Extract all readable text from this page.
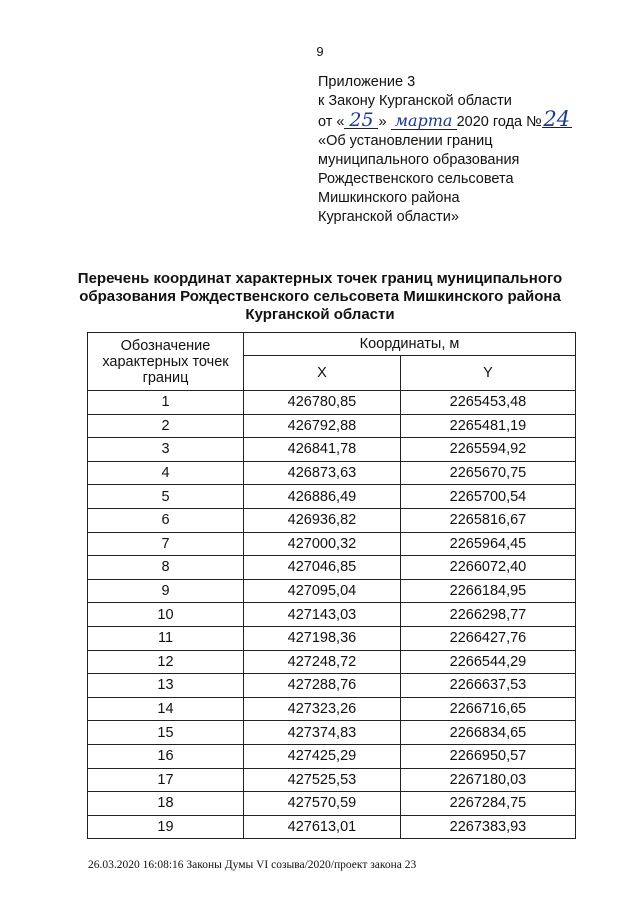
9
Приложение 3
к Закону Курганской области
от « 25 » марта 2020 года №24
«Об установлении границ
муниципального образования
Рождественского сельсовета
Мишкинского района
Курганской области»
Перечень координат характерных точек границ муниципального
образования Рождественского сельсовета Мишкинского района
Курганской области
Обозначение характерных точек границ	Координаты, м	
	X	Y
1	426780,85	2265453,48
2	426792,88	2265481,19
3	426841,78	2265594,92
4	426873,63	2265670,75
5	426886,49	2265700,54
6	426936,82	2265816,67
7	427000,32	2265964,45
8	427046,85	2266072,40
9	427095,04	2266184,95
10	427143,03	2266298,77
11	427198,36	2266427,76
12	427248,72	2266544,29
13	427288,76	2266637,53
14	427323,26	2266716,65
15	427374,83	2266834,65
16	427425,29	2266950,57
17	427525,53	2267180,03
18	427570,59	2267284,75
19	427613,01	2267383,93
26.03.2020 16:08:16 Законы Думы VI созыва/2020/проект закона 23
